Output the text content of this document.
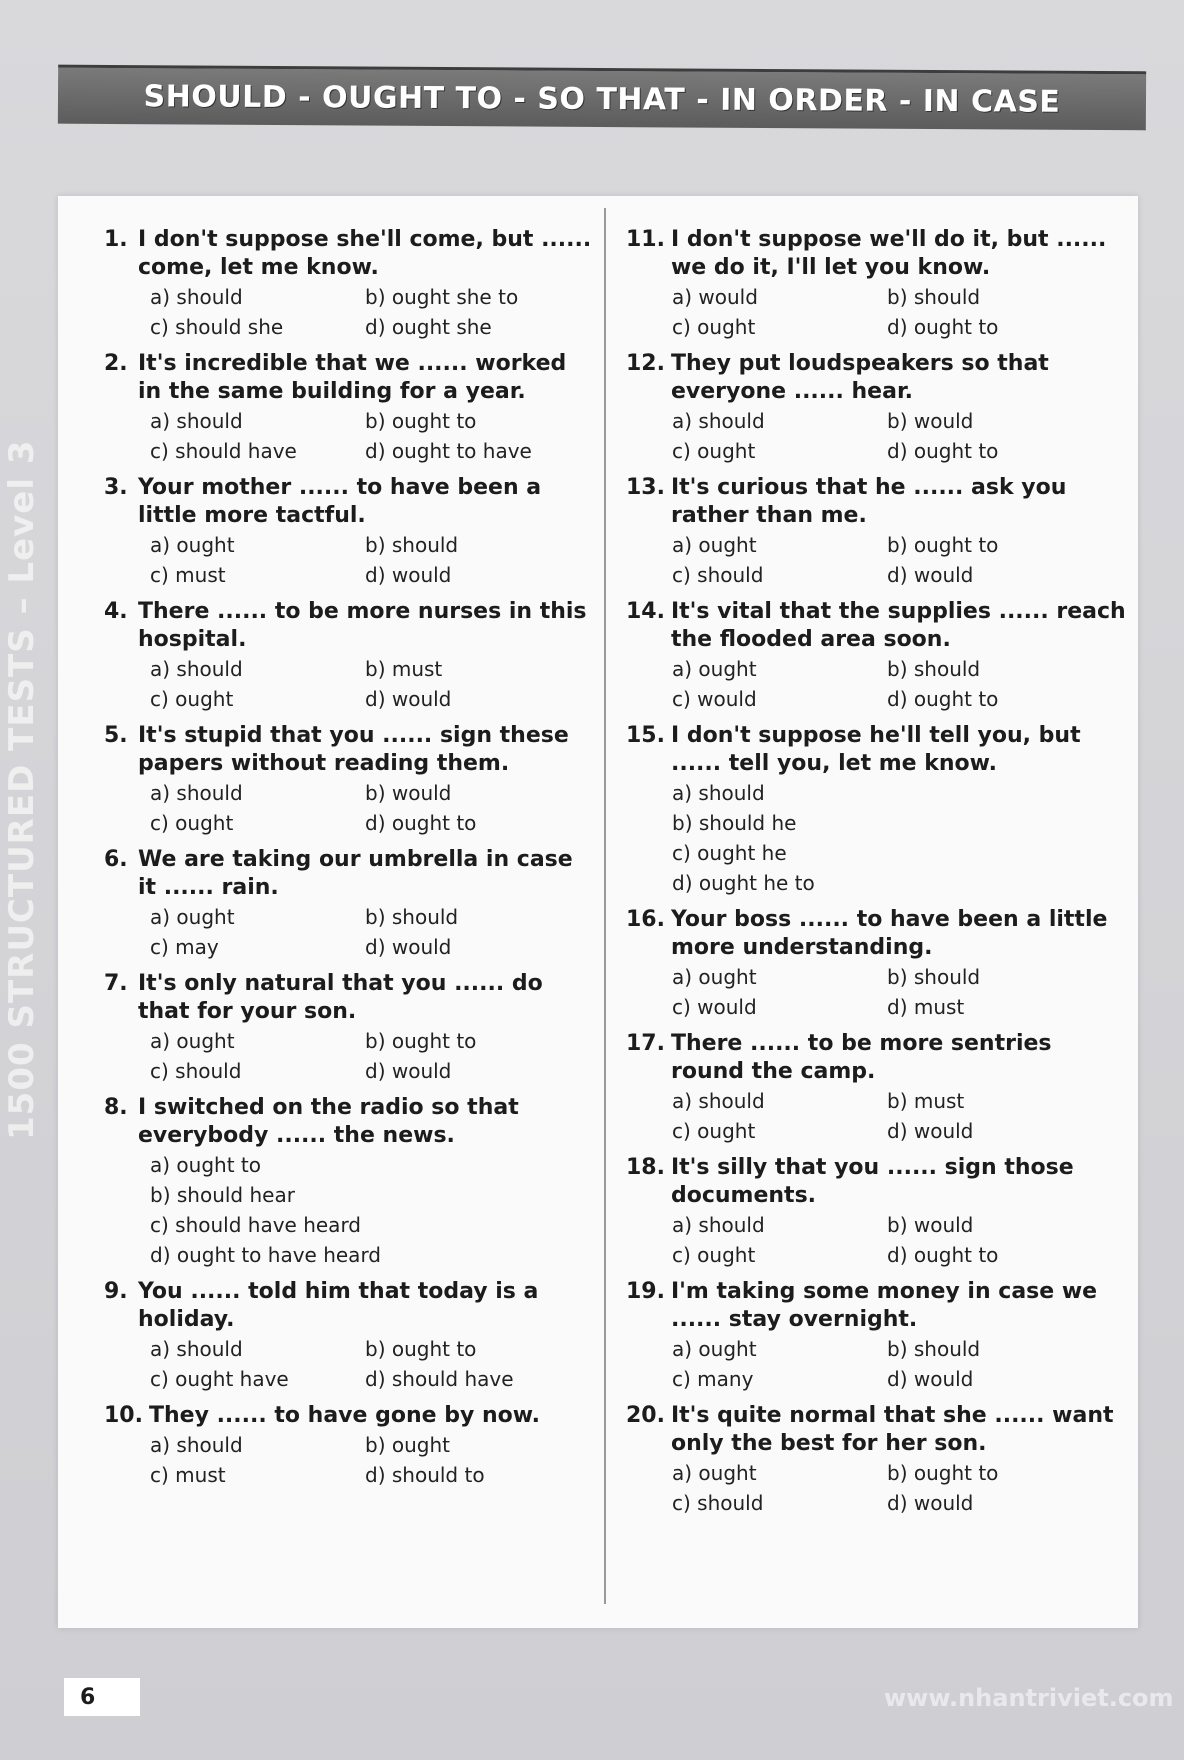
SHOULD - OUGHT TO - SO THAT - IN ORDER - IN CASE
1500 STRUCTURED TESTS – Level 3
1. I don't suppose she'll come, but ...... come, let me know.
a) should	b) ought she to
c) should she	d) ought she
2. It's incredible that we ...... worked in the same building for a year.
a) should	b) ought to
c) should have	d) ought to have
3. Your mother ...... to have been a little more tactful.
a) ought	b) should
c) must	d) would
4. There ...... to be more nurses in this hospital.
a) should	b) must
c) ought	d) would
5. It's stupid that you ...... sign these papers without reading them.
a) should	b) would
c) ought	d) ought to
6. We are taking our umbrella in case it ...... rain.
a) ought	b) should
c) may	d) would
7. It's only natural that you ...... do that for your son.
a) ought	b) ought to
c) should	d) would
8. I switched on the radio so that everybody ...... the news.
a) ought to
b) should hear
c) should have heard
d) ought to have heard
9. You ...... told him that today is a holiday.
a) should	b) ought to
c) ought have	d) should have
10. They ...... to have gone by now.
a) should	b) ought
c) must	d) should to
11. I don't suppose we'll do it, but ...... we do it, I'll let you know.
a) would	b) should
c) ought	d) ought to
12. They put loudspeakers so that everyone ...... hear.
a) should	b) would
c) ought	d) ought to
13. It's curious that he ...... ask you rather than me.
a) ought	b) ought to
c) should	d) would
14. It's vital that the supplies ...... reach the flooded area soon.
a) ought	b) should
c) would	d) ought to
15. I don't suppose he'll tell you, but ...... tell you, let me know.
a) should
b) should he
c) ought he
d) ought he to
16. Your boss ...... to have been a little more understanding.
a) ought	b) should
c) would	d) must
17. There ...... to be more sentries round the camp.
a) should	b) must
c) ought	d) would
18. It's silly that you ...... sign those documents.
a) should	b) would
c) ought	d) ought to
19. I'm taking some money in case we ...... stay overnight.
a) ought	b) should
c) many	d) would
20. It's quite normal that she ...... want only the best for her son.
a) ought	b) ought to
c) should	d) would
6	www.nhantriviet.com
